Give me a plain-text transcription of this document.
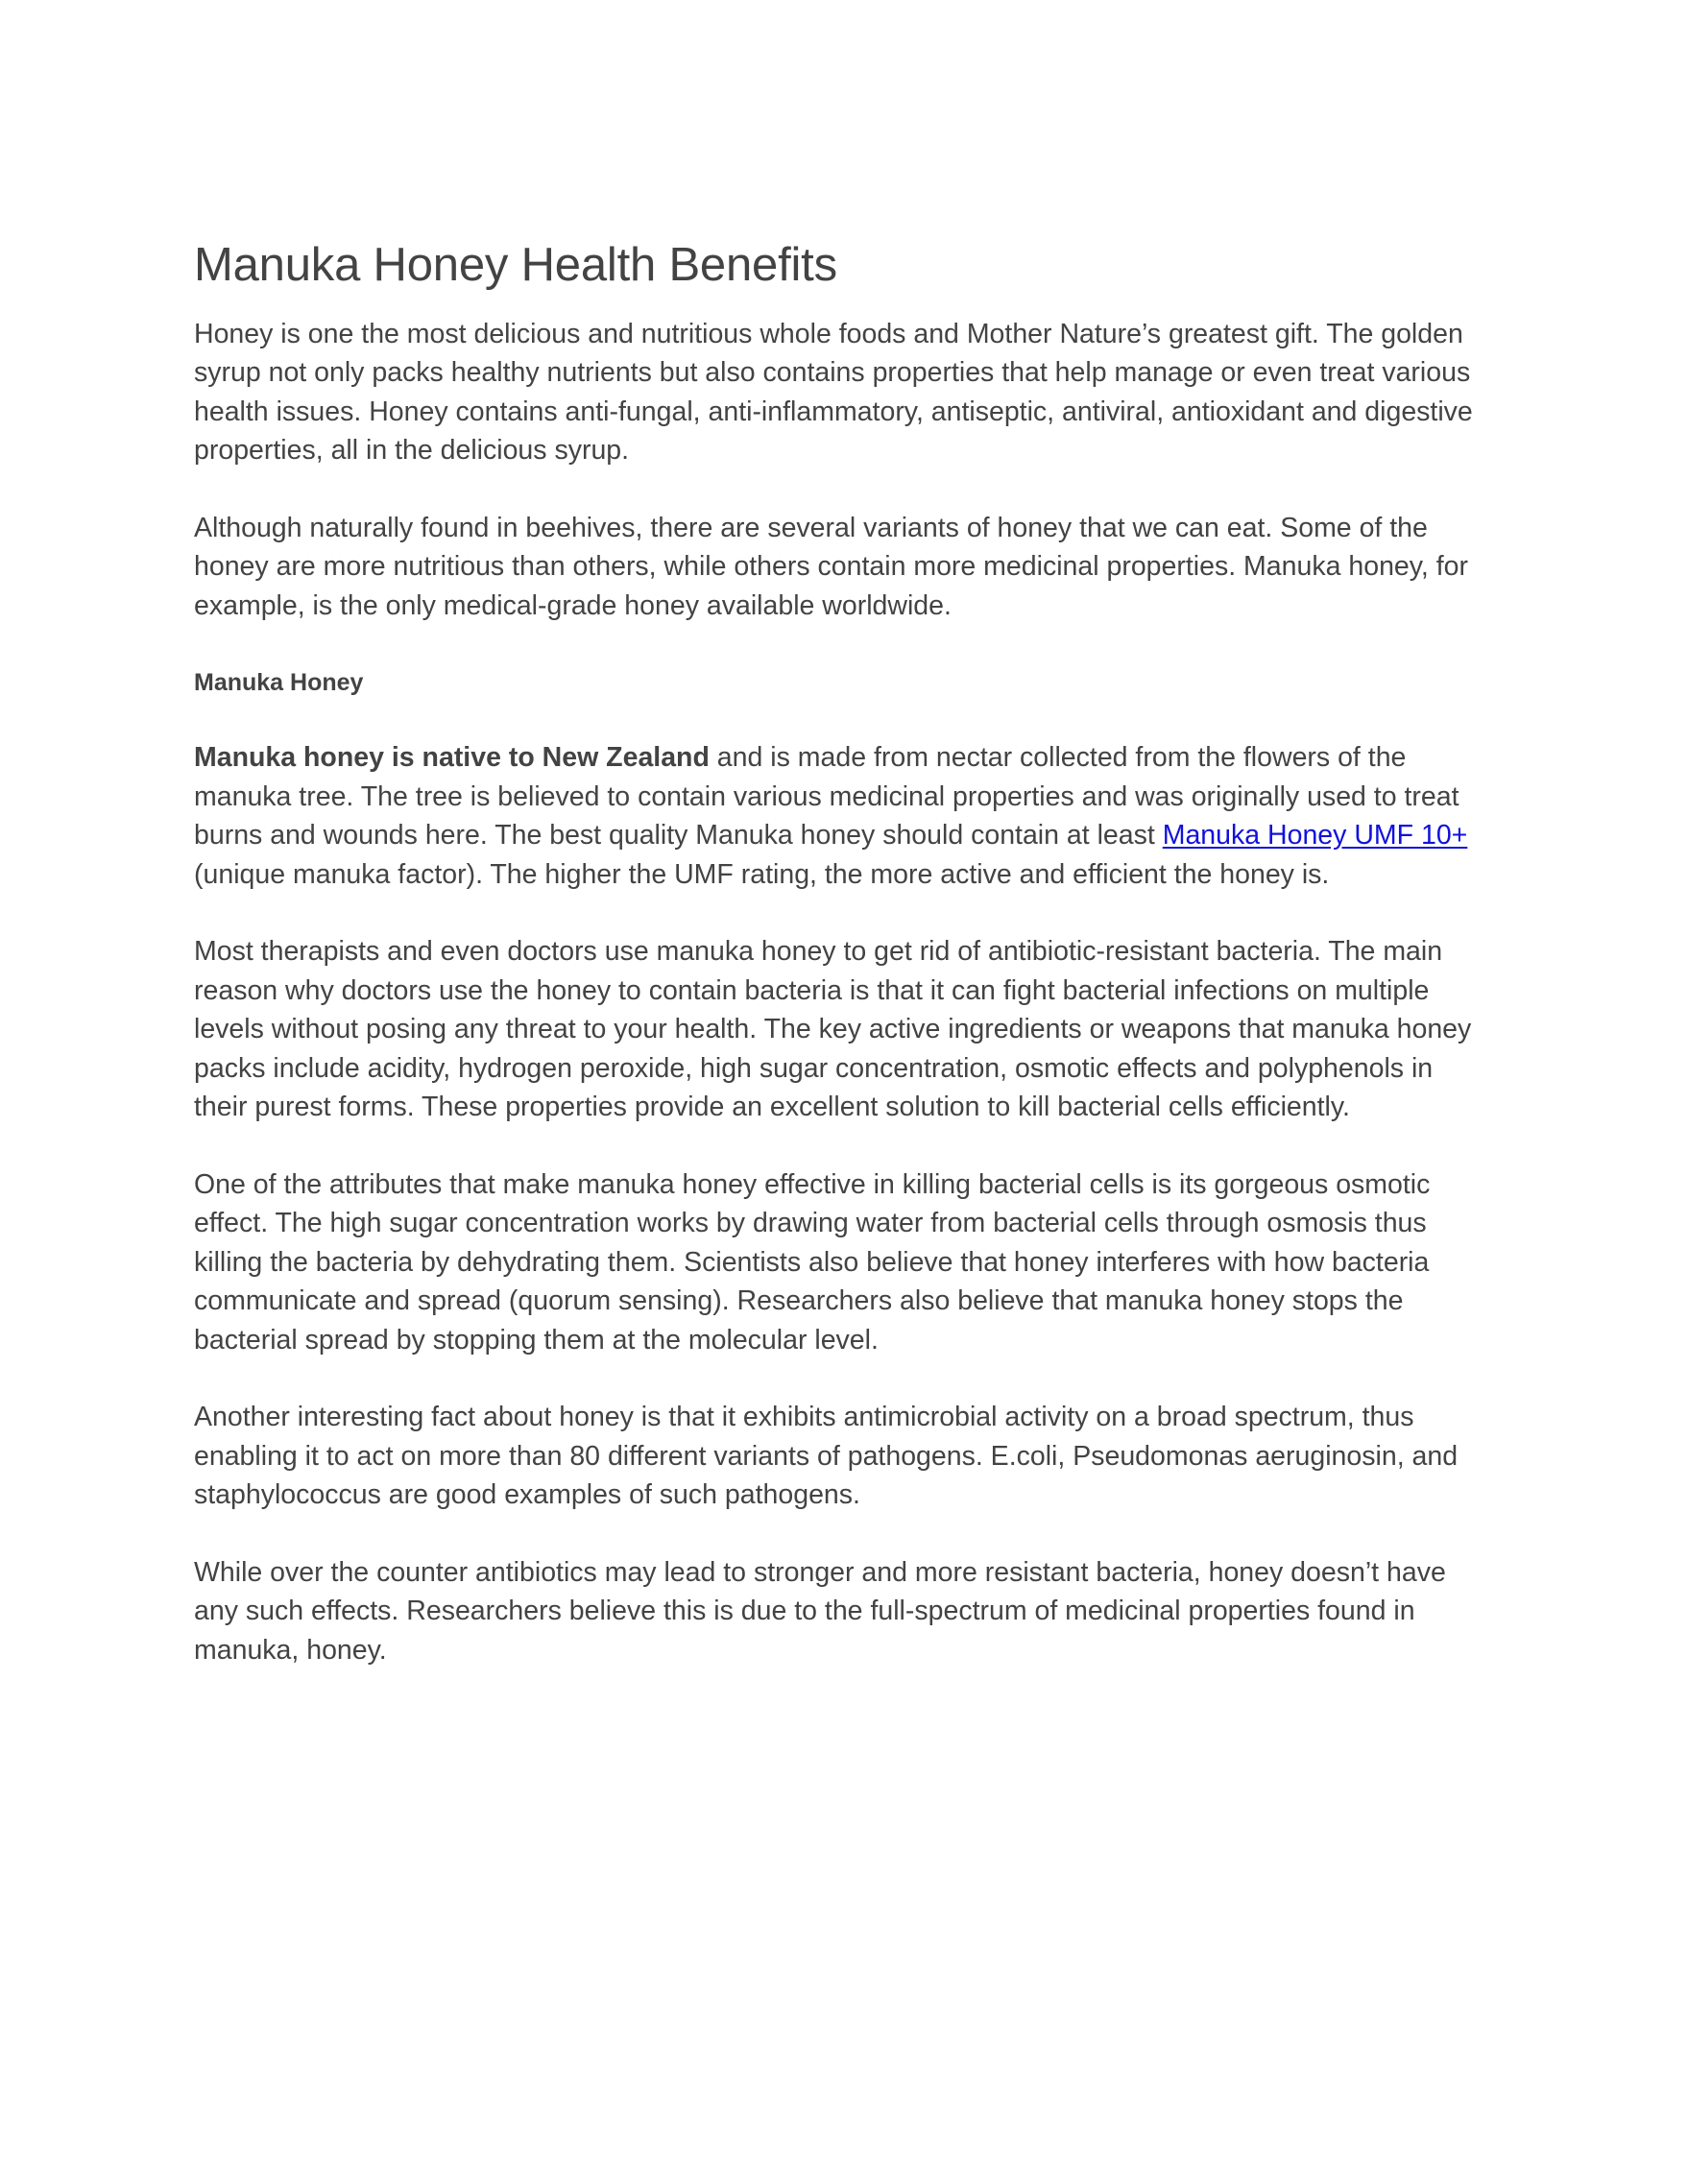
Manuka Honey Health Benefits

Honey is one the most delicious and nutritious whole foods and Mother Nature’s greatest gift. The golden syrup not only packs healthy nutrients but also contains properties that help manage or even treat various health issues. Honey contains anti-fungal, anti-inflammatory, antiseptic, antiviral, antioxidant and digestive properties, all in the delicious syrup.

Although naturally found in beehives, there are several variants of honey that we can eat. Some of the honey are more nutritious than others, while others contain more medicinal properties. Manuka honey, for example, is the only medical-grade honey available worldwide.

Manuka Honey

Manuka honey is native to New Zealand and is made from nectar collected from the flowers of the manuka tree. The tree is believed to contain various medicinal properties and was originally used to treat burns and wounds here. The best quality Manuka honey should contain at least Manuka Honey UMF 10+ (unique manuka factor). The higher the UMF rating, the more active and efficient the honey is.

Most therapists and even doctors use manuka honey to get rid of antibiotic-resistant bacteria. The main reason why doctors use the honey to contain bacteria is that it can fight bacterial infections on multiple levels without posing any threat to your health. The key active ingredients or weapons that manuka honey packs include acidity, hydrogen peroxide, high sugar concentration, osmotic effects and polyphenols in their purest forms. These properties provide an excellent solution to kill bacterial cells efficiently.

One of the attributes that make manuka honey effective in killing bacterial cells is its gorgeous osmotic effect. The high sugar concentration works by drawing water from bacterial cells through osmosis thus killing the bacteria by dehydrating them. Scientists also believe that honey interferes with how bacteria communicate and spread (quorum sensing). Researchers also believe that manuka honey stops the bacterial spread by stopping them at the molecular level.

Another interesting fact about honey is that it exhibits antimicrobial activity on a broad spectrum, thus enabling it to act on more than 80 different variants of pathogens. E.coli, Pseudomonas aeruginosin, and staphylococcus are good examples of such pathogens.

While over the counter antibiotics may lead to stronger and more resistant bacteria, honey doesn’t have any such effects. Researchers believe this is due to the full-spectrum of medicinal properties found in manuka, honey.
